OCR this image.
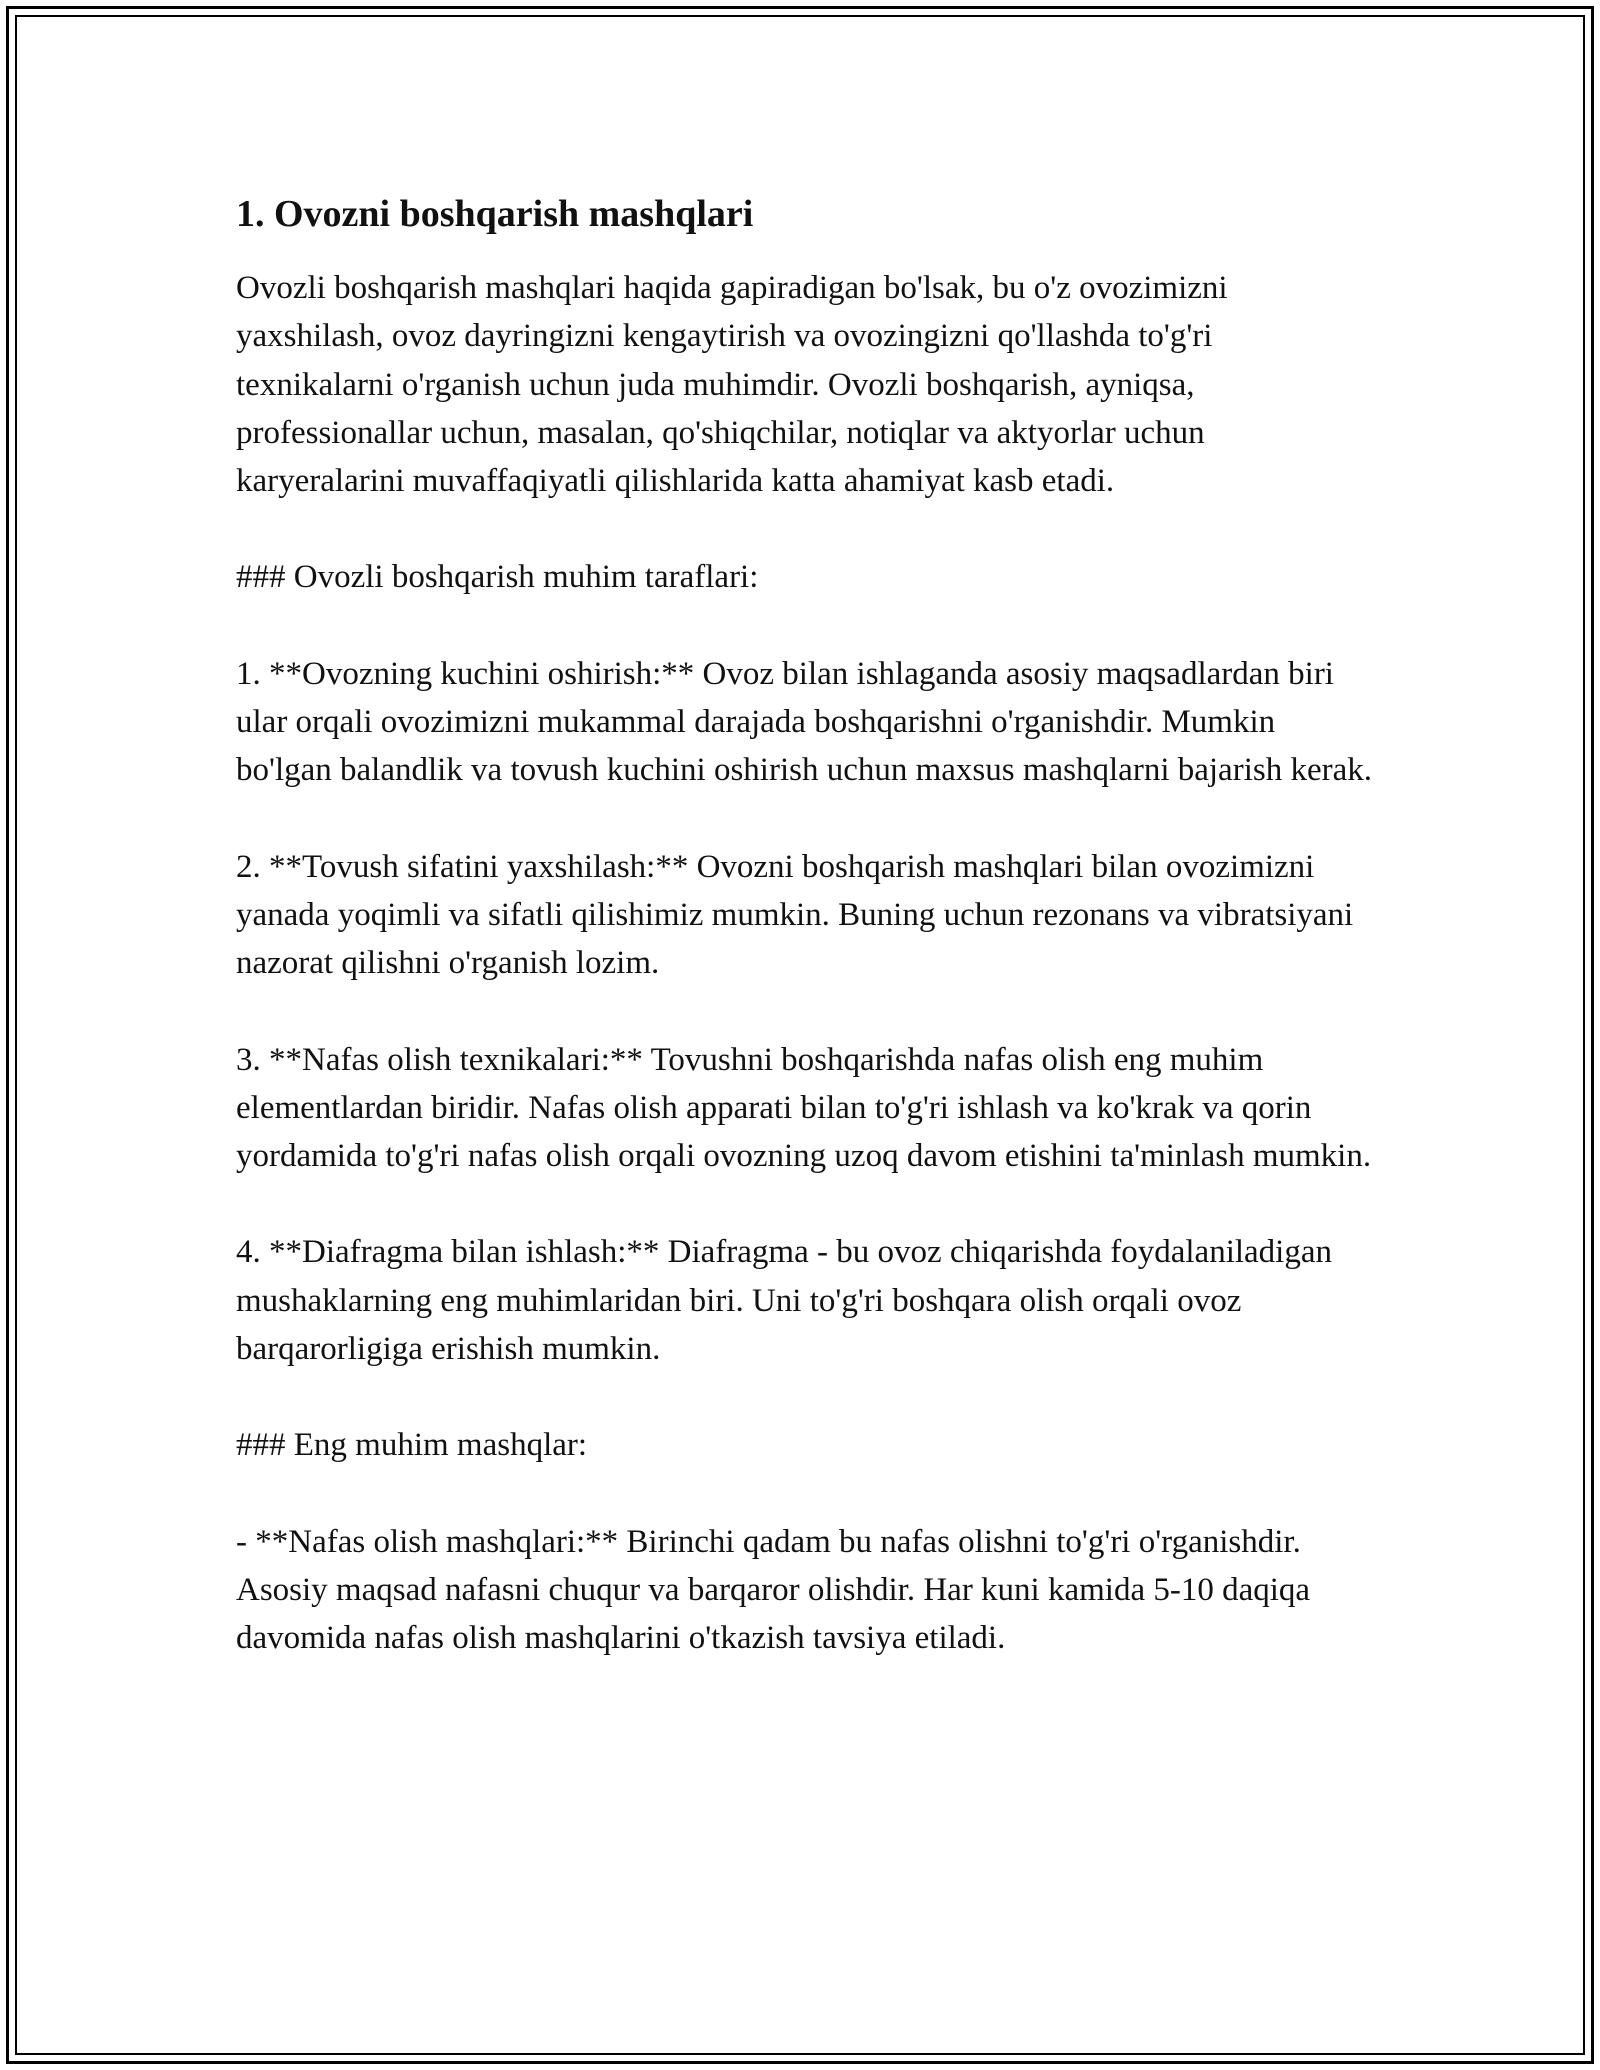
1. Ovozni boshqarish mashqlari

Ovozli boshqarish mashqlari haqida gapiradigan bo'lsak, bu o'z ovozimizni yaxshilash, ovoz dayringizni kengaytirish va ovozingizni qo'llashda to'g'ri texnikalarni o'rganish uchun juda muhimdir. Ovozli boshqarish, ayniqsa, professionallar uchun, masalan, qo'shiqchilar, notiqlar va aktyorlar uchun karyeralarini muvaffaqiyatli qilishlarida katta ahamiyat kasb etadi.

### Ovozli boshqarish muhim taraflari:

1. **Ovozning kuchini oshirish:** Ovoz bilan ishlaganda asosiy maqsadlardan biri ular orqali ovozimizni mukammal darajada boshqarishni o'rganishdir. Mumkin bo'lgan balandlik va tovush kuchini oshirish uchun maxsus mashqlarni bajarish kerak.

2. **Tovush sifatini yaxshilash:** Ovozni boshqarish mashqlari bilan ovozimizni yanada yoqimli va sifatli qilishimiz mumkin. Buning uchun rezonans va vibratsiyani nazorat qilishni o'rganish lozim.

3. **Nafas olish texnikalari:** Tovushni boshqarishda nafas olish eng muhim elementlardan biridir. Nafas olish apparati bilan to'g'ri ishlash va ko'krak va qorin yordamida to'g'ri nafas olish orqali ovozning uzoq davom etishini ta'minlash mumkin.

4. **Diafragma bilan ishlash:** Diafragma - bu ovoz chiqarishda foydalaniladigan mushaklarning eng muhimlaridan biri. Uni to'g'ri boshqara olish orqali ovoz barqarorligiga erishish mumkin.

### Eng muhim mashqlar:

- **Nafas olish mashqlari:** Birinchi qadam bu nafas olishni to'g'ri o'rganishdir. Asosiy maqsad nafasni chuqur va barqaror olishdir. Har kuni kamida 5-10 daqiqa davomida nafas olish mashqlarini o'tkazish tavsiya etiladi.
